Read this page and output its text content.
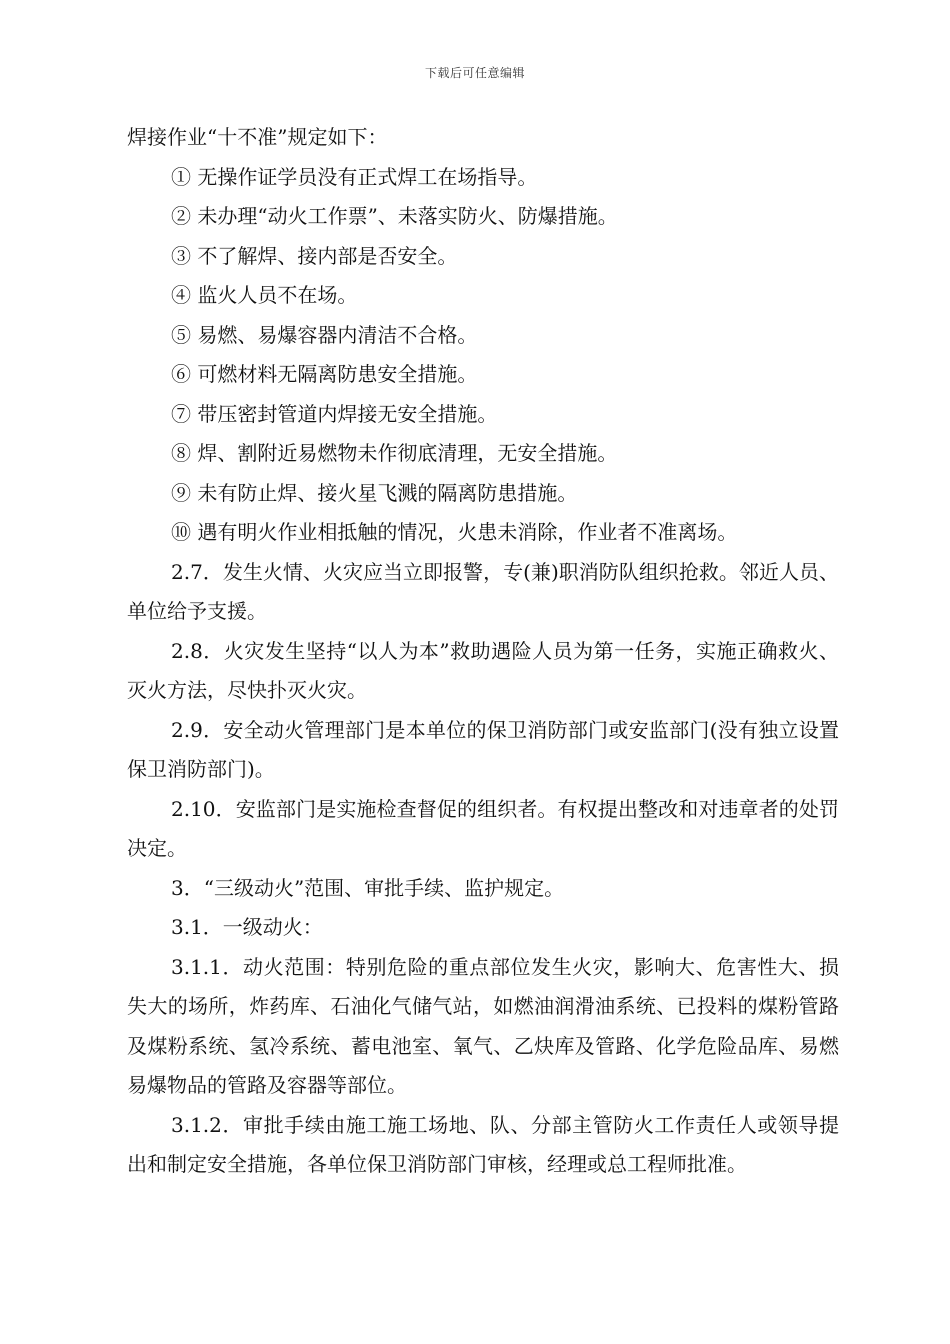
下载后可任意编辑

焊接作业“十不准”规定如下：

① 无操作证学员没有正式焊工在场指导。

② 未办理“动火工作票”、未落实防火、防爆措施。

③ 不了解焊、接内部是否安全。

④ 监火人员不在场。

⑤ 易燃、易爆容器内清洁不合格。

⑥ 可燃材料无隔离防患安全措施。

⑦ 带压密封管道内焊接无安全措施。

⑧ 焊、割附近易燃物未作彻底清理，无安全措施。

⑨ 未有防止焊、接火星飞溅的隔离防患措施。

⑩ 遇有明火作业相抵触的情况，火患未消除，作业者不准离场。

2.7．发生火情、火灾应当立即报警，专(兼)职消防队组织抢救。邻近人员、单位给予支援。

2.8．火灾发生坚持“以人为本”救助遇险人员为第一任务，实施正确救火、灭火方法，尽快扑灭火灾。

2.9．安全动火管理部门是本单位的保卫消防部门或安监部门(没有独立设置保卫消防部门)。

2.10．安监部门是实施检查督促的组织者。有权提出整改和对违章者的处罚决定。

3．“三级动火”范围、审批手续、监护规定。

3.1．一级动火：

3.1.1．动火范围：特别危险的重点部位发生火灾，影响大、危害性大、损失大的场所，炸药库、石油化气储气站，如燃油润滑油系统、已投料的煤粉管路及煤粉系统、氢冷系统、蓄电池室、氧气、乙炔库及管路、化学危险品库、易燃易爆物品的管路及容器等部位。

3.1.2．审批手续由施工施工场地、队、分部主管防火工作责任人或领导提出和制定安全措施，各单位保卫消防部门审核，经理或总工程师批准。
